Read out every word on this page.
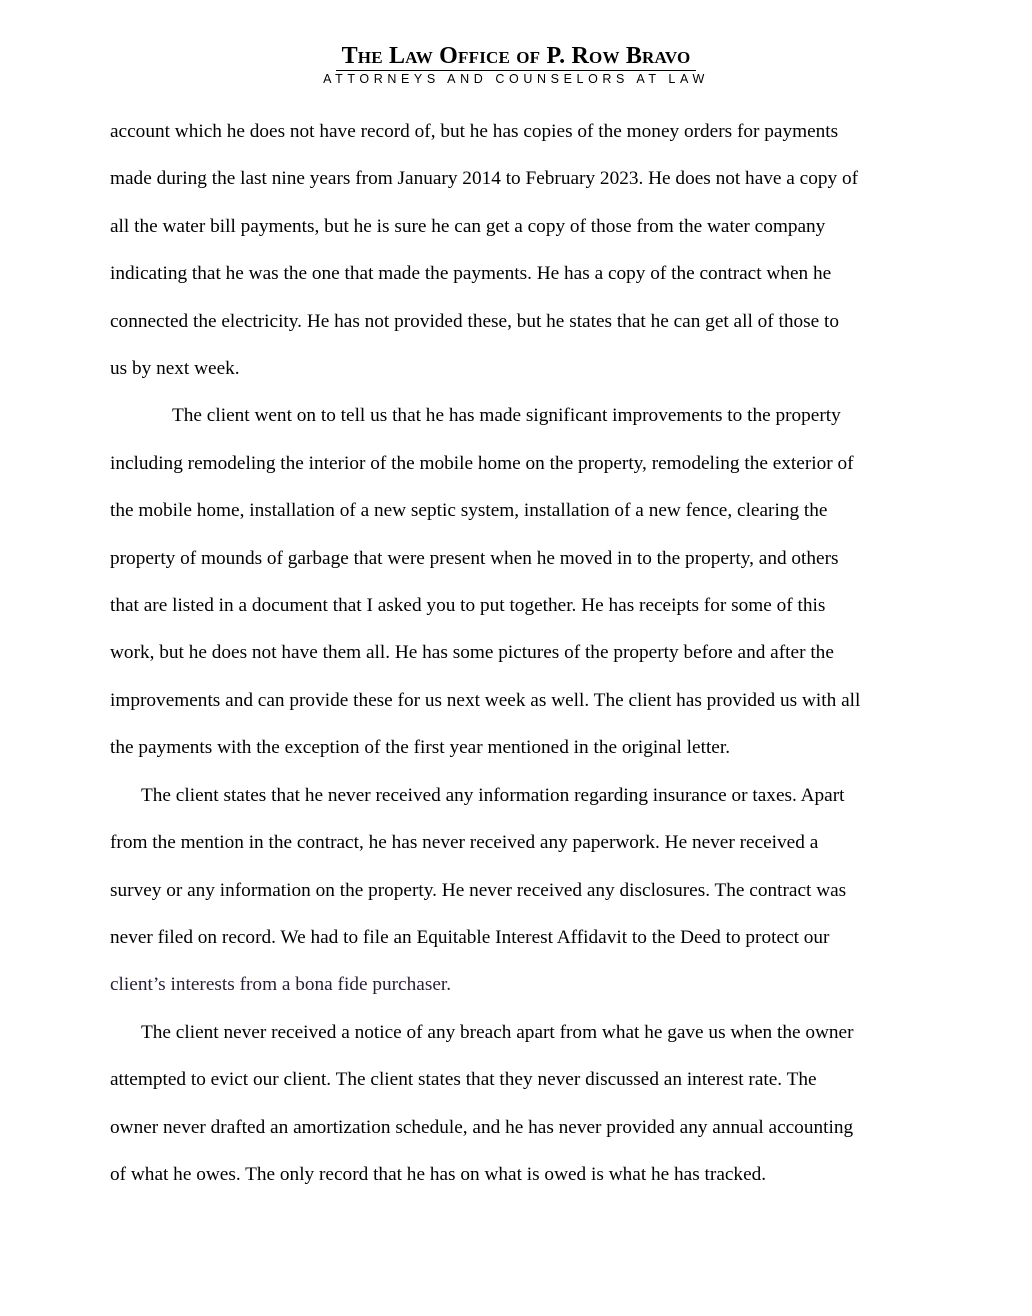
The Law Office of P. Row Bravo
ATTORNEYS AND COUNSELORS AT LAW

account which he does not have record of, but he has copies of the money orders for payments
made during the last nine years from January 2014 to February 2023. He does not have a copy of
all the water bill payments, but he is sure he can get a copy of those from the water company
indicating that he was the one that made the payments. He has a copy of the contract when he
connected the electricity. He has not provided these, but he states that he can get all of those to
us by next week.

The client went on to tell us that he has made significant improvements to the property
including remodeling the interior of the mobile home on the property, remodeling the exterior of
the mobile home, installation of a new septic system, installation of a new fence, clearing the
property of mounds of garbage that were present when he moved in to the property, and others
that are listed in a document that I asked you to put together. He has receipts for some of this
work, but he does not have them all. He has some pictures of the property before and after the
improvements and can provide these for us next week as well. The client has provided us with all
the payments with the exception of the first year mentioned in the original letter.

The client states that he never received any information regarding insurance or taxes. Apart
from the mention in the contract, he has never received any paperwork. He never received a
survey or any information on the property. He never received any disclosures. The contract was
never filed on record. We had to file an Equitable Interest Affidavit to the Deed to protect our
client’s interests from a bona fide purchaser.

The client never received a notice of any breach apart from what he gave us when the owner
attempted to evict our client. The client states that they never discussed an interest rate. The
owner never drafted an amortization schedule, and he has never provided any annual accounting
of what he owes. The only record that he has on what is owed is what he has tracked.
